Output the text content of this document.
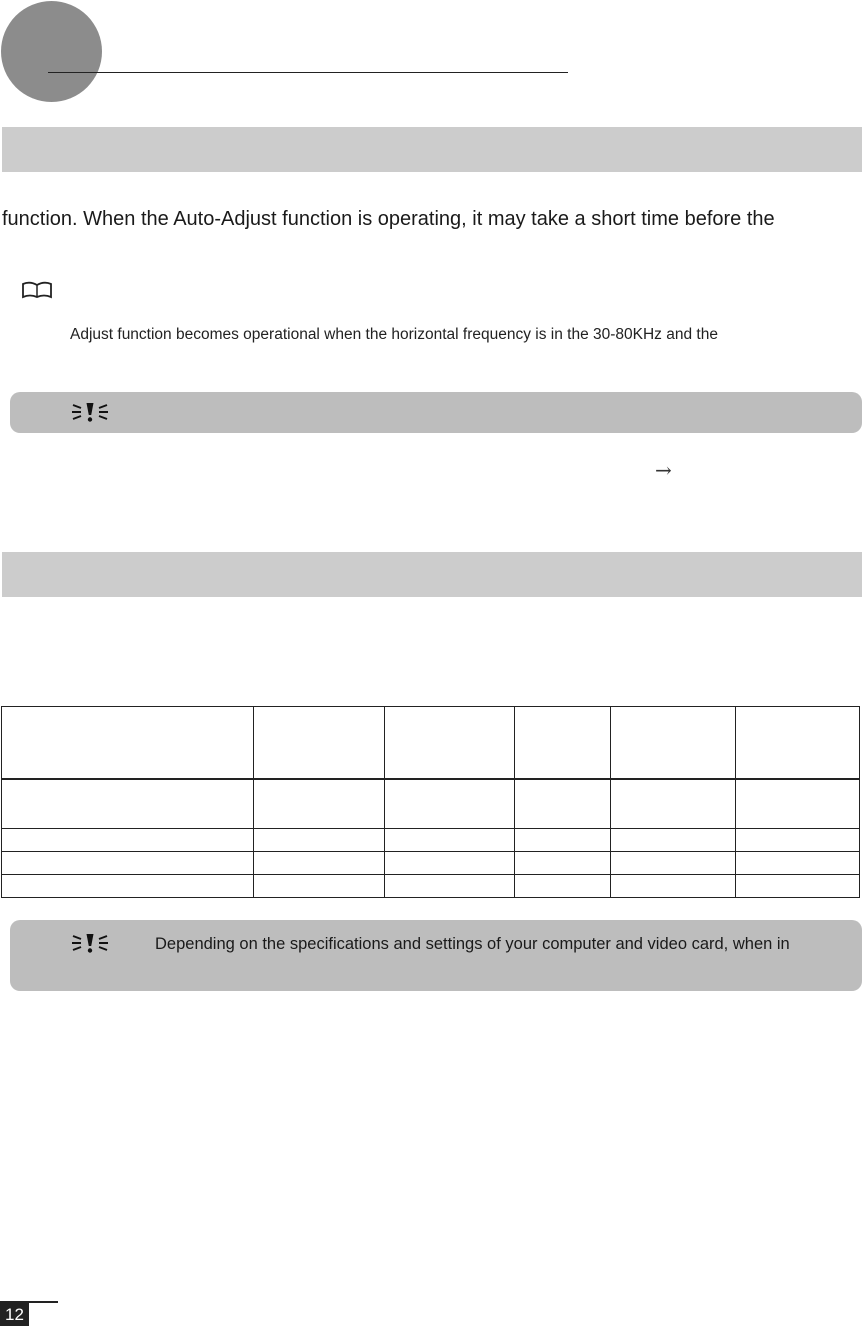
function. When the Auto-Adjust function is operating, it may take a short time before the
Adjust function becomes operational when the horizontal frequency is in the 30-80KHz and the
→

Depending on the specifications and settings of your computer and video card, when in
12
